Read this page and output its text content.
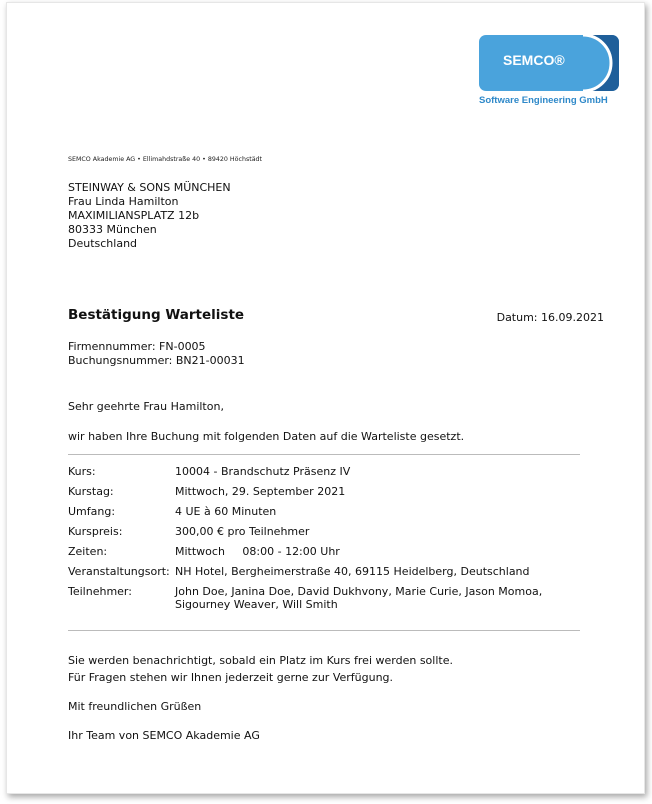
SEMCO®
Software Engineering GmbH
SEMCO Akademie AG • Ellimahdstraße 40 • 89420 Höchstädt
STEINWAY & SONS MÜNCHEN
Frau Linda Hamilton
MAXIMILIANSPLATZ 12b
80333 München
Deutschland
Bestätigung Warteliste	Datum: 16.09.2021
Firmennummer: FN-0005
Buchungsnummer: BN21-00031
Sehr geehrte Frau Hamilton,
wir haben Ihre Buchung mit folgenden Daten auf die Warteliste gesetzt.
Kurs:	10004 - Brandschutz Präsenz IV
Kurstag:	Mittwoch, 29. September 2021
Umfang:	4 UE à 60 Minuten
Kurspreis:	300,00 € pro Teilnehmer
Zeiten:	Mittwoch     08:00 - 12:00 Uhr
Veranstaltungsort:	NH Hotel, Bergheimerstraße 40, 69115 Heidelberg, Deutschland
Teilnehmer:	John Doe, Janina Doe, David Dukhvony, Marie Curie, Jason Momoa, Sigourney Weaver, Will Smith
Sie werden benachrichtigt, sobald ein Platz im Kurs frei werden sollte.
Für Fragen stehen wir Ihnen jederzeit gerne zur Verfügung.
Mit freundlichen Grüßen
Ihr Team von SEMCO Akademie AG
